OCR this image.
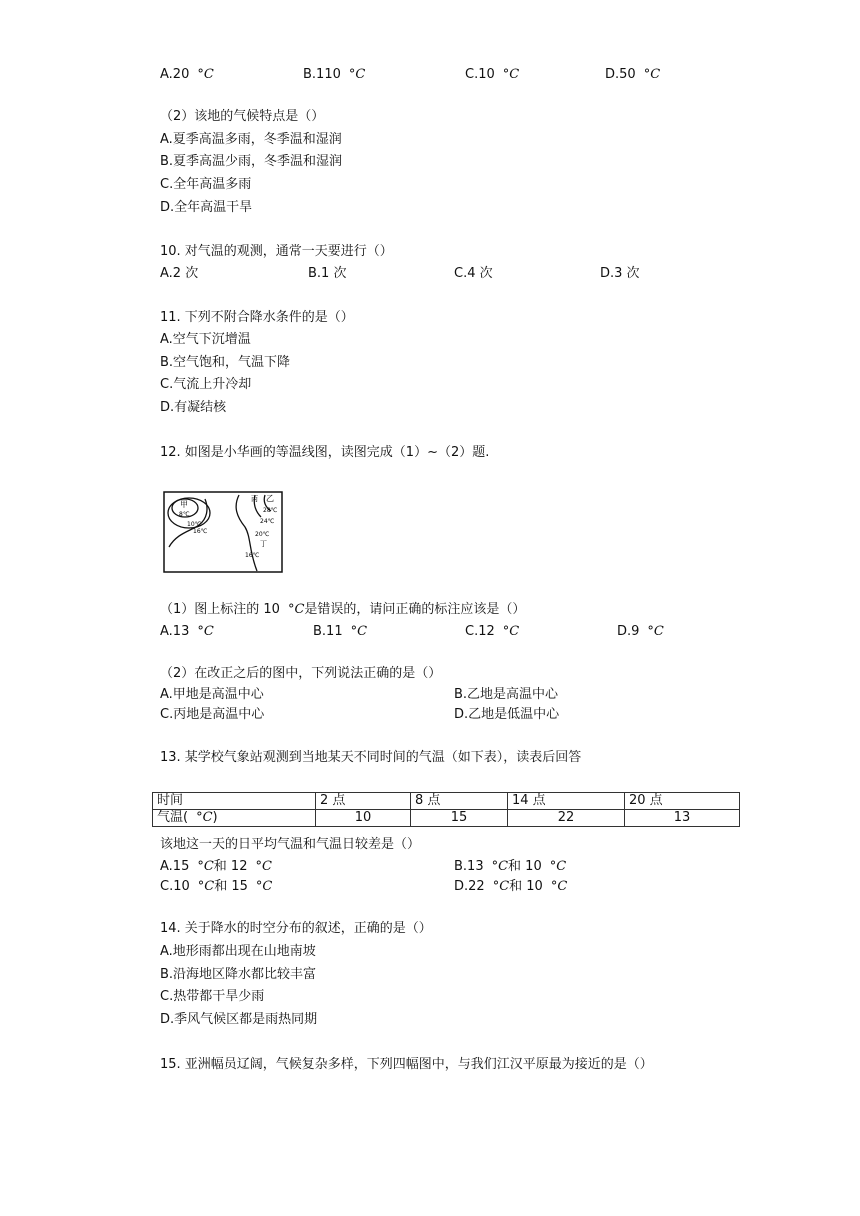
A.20 °C	B.110 °C	C.10 °C	D.50 °C
（2）该地的气候特点是（）
A.夏季高温多雨，冬季温和湿润
B.夏季高温少雨，冬季温和湿润
C.全年高温多雨
D.全年高温干旱
10. 对气温的观测，通常一天要进行（）
A.2 次	B.1 次	C.4 次	D.3 次
11. 下列不附合降水条件的是（）
A.空气下沉增温
B.空气饱和，气温下降
C.气流上升冷却
D.有凝结核
12. 如图是小华画的等温线图，读图完成（1）~（2）题.
甲
8℃
10℃
16℃
丙 乙
28℃
24℃
20℃
丁
16℃
（1）图上标注的 10 °C是错误的，请问正确的标注应该是（）
A.13 °C	B.11 °C	C.12 °C	D.9 °C
（2）在改正之后的图中，下列说法正确的是（）
A.甲地是高温中心	B.乙地是高温中心
C.丙地是高温中心	D.乙地是低温中心
13. 某学校气象站观测到当地某天不同时间的气温（如下表），读表后回答
时间	2 点	8 点	14 点	20 点
气温( °C)	10	15	22	13
该地这一天的日平均气温和气温日较差是（）
A.15 °C和 12 °C	B.13 °C和 10 °C
C.10 °C和 15 °C	D.22 °C和 10 °C
14. 关于降水的时空分布的叙述，正确的是（）
A.地形雨都出现在山地南坡
B.沿海地区降水都比较丰富
C.热带都干旱少雨
D.季风气候区都是雨热同期
15. 亚洲幅员辽阔，气候复杂多样，下列四幅图中，与我们江汉平原最为接近的是（）
